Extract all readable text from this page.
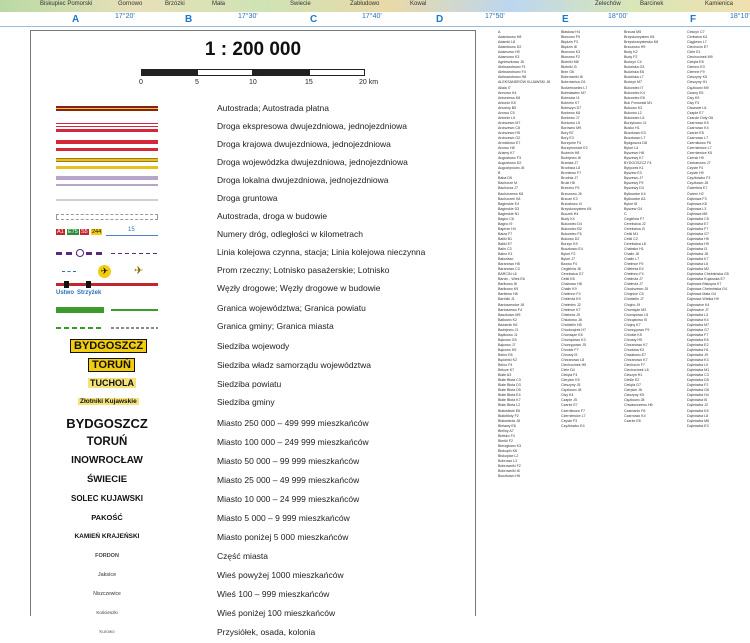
Gornowo	Brzózki
Biskupiec Pomorski	Mała	Świecie	Zabłudowo	Kowal	Żelechów	Barcinek	Kamienica
17°20'	17°30'	17°40'	17°50'	18°00'	18°10'
A	B	C	D	E	F
1 : 200 000
0	5	10	15	20 km
Autostrada; Autostrada płatna
Droga ekspresowa dwujezdniowa, jednojezdniowa
Droga krajowa dwujezdniowa, jednojezdniowa
Droga wojewódzka dwujezdniowa, jednojezdniowa
Droga lokalna dwujezdniowa, jednojezdniowa
Droga gruntowa
Autostrada, droga w budowie
A1 E75 S5 244	15	Numery dróg, odległości w kilometrach
Linia kolejowa czynna, stacja; Linia kolejowa nieczynna
✈ ✈	Prom rzeczny; Lotnisko pasażerskie; Lotnisko
Ustwo Strzyżek	Węzły drogowe; Węzły drogowe w budowie
Granica województwa; Granica powiatu
Granica gminy; Granica miasta
BYDGOSZCZ	Siedziba wojewody
TORUŃ	Siedziba władz samorządu województwa
TUCHOLA	Siedziba powiatu
Złotniki Kujawskie	Siedziba gminy
BYDGOSZCZ	Miasto 250 000 – 499 999 mieszkańców
TORUŃ	Miasto 100 000 – 249 999 mieszkańców
INOWROCŁAW	Miasto 50 000 – 99 999 mieszkańców
ŚWIECIE	Miasto 25 000 – 49 999 mieszkańców
SOLEC KUJAWSKI	Miasto 10 000 – 24 999 mieszkańców
PAKOŚĆ	Miasto 5 000 – 9 999 mieszkańców
KAMIEŃ KRAJEŃSKI	Miasto poniżej 5 000 mieszkańców
FORDON	Część miasta
Jaksice	Wieś powyżej 1000 mieszkańców
Niszczewice	Wieś 100 – 999 mieszkańców
Kościeszki	Wieś poniżej 100 mieszkańców
Kurowo	Przysiółek, osada, kolonia
A
Adamkowo H8
Adamki L8
Adamkowo D2
Adamowo H9
Adamowo K3
Agnieszkowo J6
Aleksandrowo F1
Aleksandrowo F4
Aleksandrowo H8
ALEKSANDRÓW KUJAWSKI J8
Allala I7
Annowo K4
Antoniewo K8
Antonin K8
Anusiny B5
Anowo C5
Antonin L5
Arciszewo M7
Arciszewo C8
Arciszewo H5
Arciszewo G2
Arnoldowo E7
Anowo H8
Arlamy K7
Augustowo F3
Augustowo D2
Augustynowo J6
B
Baba D6
Bachorze M
Bachorza J7
Bachórzewo K8
Bachorzek K8
Baginskie E4
Baginskie D3
Baginskie N1
Bagno C6
Bagno I9
Bajerze H4
Bałza F7
Baliki B1
Baliki E7
Balin C3
Bałno K1
Bałozisko
Baranowo H8
Baranowo C3
BARCIN L6
Barcin - Wieś E6
Barłkowo I8
Barłkowo K9
Bartlewo H8
Bartniki J1
Bartoszewice J8
Bartoszewo F4
Baszkowo M9
Bałkowo K2
Bazarnik K6
Bażejewo J1
Bądkowo J1
Bąkowo G5
Bąkowo J7
Bąkowo H9
Bełno E6
Będzinki K2
Belno F4
Bełcze K7
Białe A3
Białe Błota C3
Białe Błota D3
Białe Błota D5
Białe Błota E4
Białe Błota K7
Białe Błota L2
Białośliwie E6
Białobłoty F2
Białowieża J8
Bielawy E6
Bieliny A7
Biełsko F4
Bieńki F2
Bierzgłowo K3
Biskupin K6
Biskupice L2
Bobrowo L3
Bobrowniki F2
Bobrowniki I8
Boczkowo H6
Błaskow H4
Błonowo F9
Błędzin F3
Błędzin I8
Błonowo K3
Błonowo F2
Błotniki M8
Błotniki I3
Bnin G6
Bobrowniki I8
Bobrownica C6
Bodzenowiec L7
Bolesławiec M7
Bolewice I4
Bolemin K7
Boleszyn D7
Boniewo K8
Boniewo J7
Borkowo L5
Borówno M9
Bory B7
Bory E3
Borzymie F4
Borzymowice E2
Boźecin H8
Bożejewo I8
Bramka J7
Brodnica L8
Broniewo F7
Brudnia J7
Bruki H8
Brzeźno F5
Brzozowo J6
Brzuze K3
Brzustowo I4
Brzyskorzystew K8
Buczek H4
Budy K4
Bukowiec D4
Bukowiec B2
Bukowiec F6
Bukowo D2
Burzyn K9
Buszkowo E4
Bytoń F2
Bytoń J7
Bzowo F4
Cegielnia J6
Cerekwica G7
Cetki K8
Chabowo H8
Chalin K9
Chełmno F4
Chełmża K9
Chełmiec J2
Chełmce K7
Chlebnia J5
Chludowo J8
Chobielin H5
Chodorążek H7
Chomiąże K8
Chomętowo K3
Chorzępowo J5
Chrośle F7
Chrusty I5
Chrzanowo L8
Ciechocinek H5
Ciele D4
Cielęta F4
Cierpice K5
Cieszyny J5
Ciężkowo J8
Cisy K4
Czaple J5
Czarże E7
Czernikowo F7
Czerniewice L7
Czyste F3
Czyżkówko E4
Brzoza M5
Brzyskorzystew K8
Brzyskorzystewko K8
Brzozowo H9
Budy K2
Budy F2
Budzyń C4
Budziska G3
Budziska E6
Budziska L7
Budzyń M7
Bukowiec I7
Bukowiec K4
Bukowiec E6
Buk Pomorski M1
Bukowo K3
Bukowo L2
Bukówiec L5
Burzykowo J1
Busko H1
Buszkowo E3
Buszkowo L7
Bydgoszcz D8
Bytoń L4
Byszewo H8
Byszewy K7
BYDGOSZCZ F4
Bytyczek K1
Byszew E3
Byszewo J7
Byszewy F9
Byszewy D4
Bytkowice K4
Bytkowice A3
Bytoń I8
Byszew G4
C
Cegielnia F7
Cerekwica J2
Cerekwica I3
Cetki M1
Cetki C2
Cerekwica L8
Chabsko H1
Chalin J8
Chalin L7
Chełmce F9
Chlebnia E4
Chełmno F4
Chełmża J7
Chełmża J7
Chociszewo J5
Chojnice C5
Chobielin J7
Chojno J9
Chomiąże M3
Chomętowo L5
Chrząstowo I5
Chojny K7
Chorzępowo F9
Chrośle K5
Chrusty H5
Chrzanowo K7
Chudoba K3
Chwałowo E7
Chrzanowo K7
Ciechocin F7
Ciechocinek L8
Cieszyn H1
Cieśle E2
Cielęta G7
Cierpice J6
Cieszyny K5
Ciężkowo J8
Chwaszczewo H6
Czamanin F6
Czarnowo K4
Czarże E6
Cekcyn C7
Cerkwica K4
Ciąglewo L7
Ciechocin E7
Ciele E1
Ciechocinek M9
Cielęta E8
Ciemno E3
Ciemne F9
Cieszyny K5
Cieszyny H1
Ciężkowo M9
Ciosny E5
Cisy K9
Cisy F3
Cissewie L8
Czaple E7
Czarcie Doły G6
Czarnowo K5
Czarnowo K4
Czarże E5
Czarnowo L7
Czernikowo F6
Czerniewice L7
Czerniewice K5
Czersk H9
Czekanowo J7
Czyste F4
Czyste H9
Czyżkówko F3
Czyżkowo J8
Ćwiertnia E7
Ćwierć H2
Dąbrowa F3
Dąbrowa K8
Dąbrowa L3
Dąbrowa M5
Dąbrówka C5
Dąbrówka E7
Dąbrówka F7
Dąbrówka G7
Dąbrówka H5
Dąbrówka H9
Dąbrówka I3
Dąbrówka J8
Dąbrówka K7
Dąbrówka L6
Dąbrówka M2
Dąbrówka Chełmińska G5
Dąbrówka Kujawska E7
Dąbrowa Biskupia K7
Dąbrowa Chełmińska G4
Dąbrowa Mała G4
Dąbrowa Wielka H9
Dąbrowice K4
Dąbrowice J7
Dąbrówka L3
Dąbrówka K4
Dąbrówka M7
Dąbrówka G7
Dąbrówka F7
Dąbrówka E6
Dąbrówka E2
Dąbrówka H1
Dąbrówka J9
Dąbrówka K3
Dąbrówka L9
Dąbrówka M1
Dąbrówka C3
Dąbrówka D5
Dąbrówka F2
Dąbrówka G6
Dąbrówka H4
Dąbrówka I6
Dąbrówka J2
Dąbrówka K5
Dąbrówka L8
Dąbrówka M6
Dąbrówka E3
